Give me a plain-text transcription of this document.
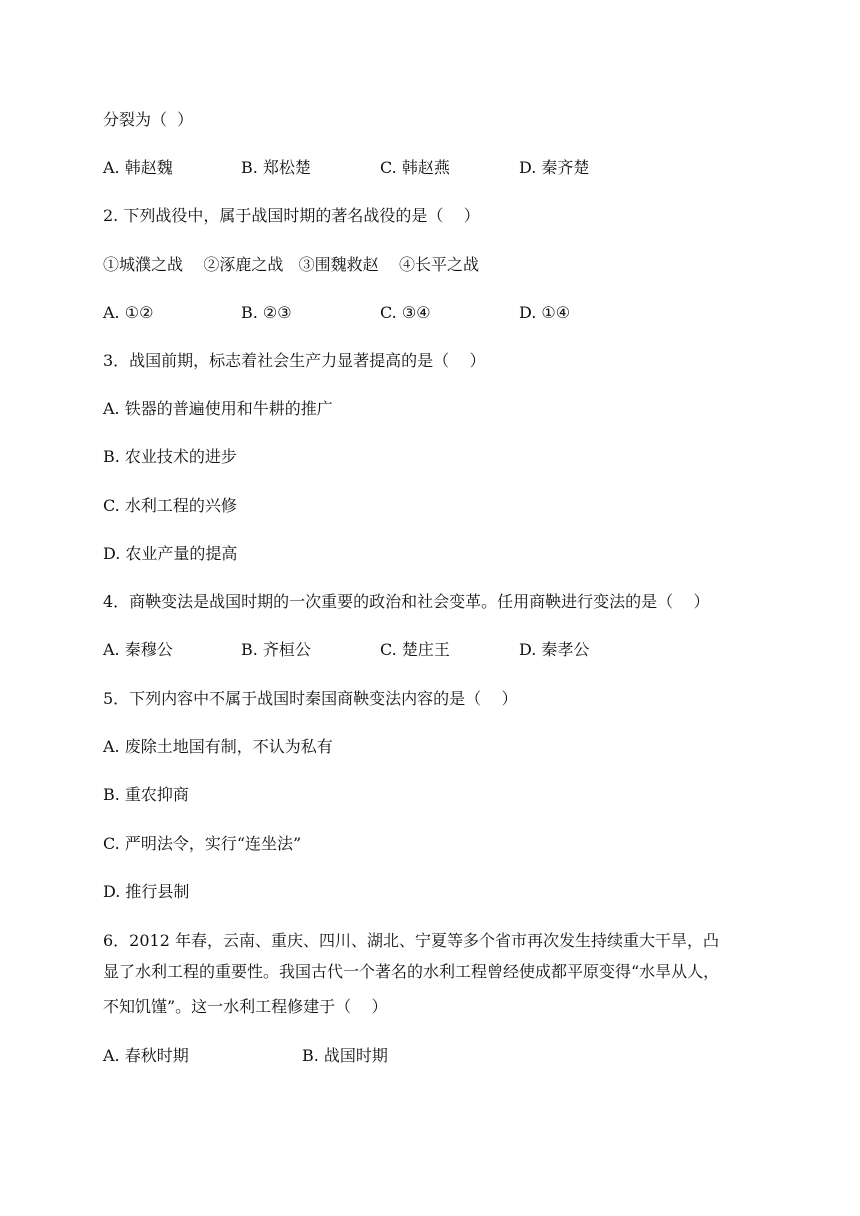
分裂为（  ）
A. 韩赵魏	B. 郑松楚	C. 韩赵燕	D. 秦齐楚
2. 下列战役中，属于战国时期的著名战役的是（    ）
①城濮之战    ②涿鹿之战   ③围魏救赵    ④长平之战
A. ①②	B. ②③	C. ③④	D. ①④
3．战国前期，标志着社会生产力显著提高的是（    ）
A. 铁器的普遍使用和牛耕的推广
B. 农业技术的进步
C. 水利工程的兴修
D. 农业产量的提高
4．商鞅变法是战国时期的一次重要的政治和社会变革。任用商鞅进行变法的是（    ）
A. 秦穆公	B. 齐桓公	C. 楚庄王	D. 秦孝公
5．下列内容中不属于战国时秦国商鞅变法内容的是（    ）
A. 废除土地国有制，不认为私有
B. 重农抑商
C. 严明法令，实行“连坐法”
D. 推行县制
6．2012 年春，云南、重庆、四川、湖北、宁夏等多个省市再次发生持续重大干旱，凸
显了水利工程的重要性。我国古代一个著名的水利工程曾经使成都平原变得“水旱从人，
不知饥馑”。这一水利工程修建于（    ）
A. 春秋时期	B. 战国时期
